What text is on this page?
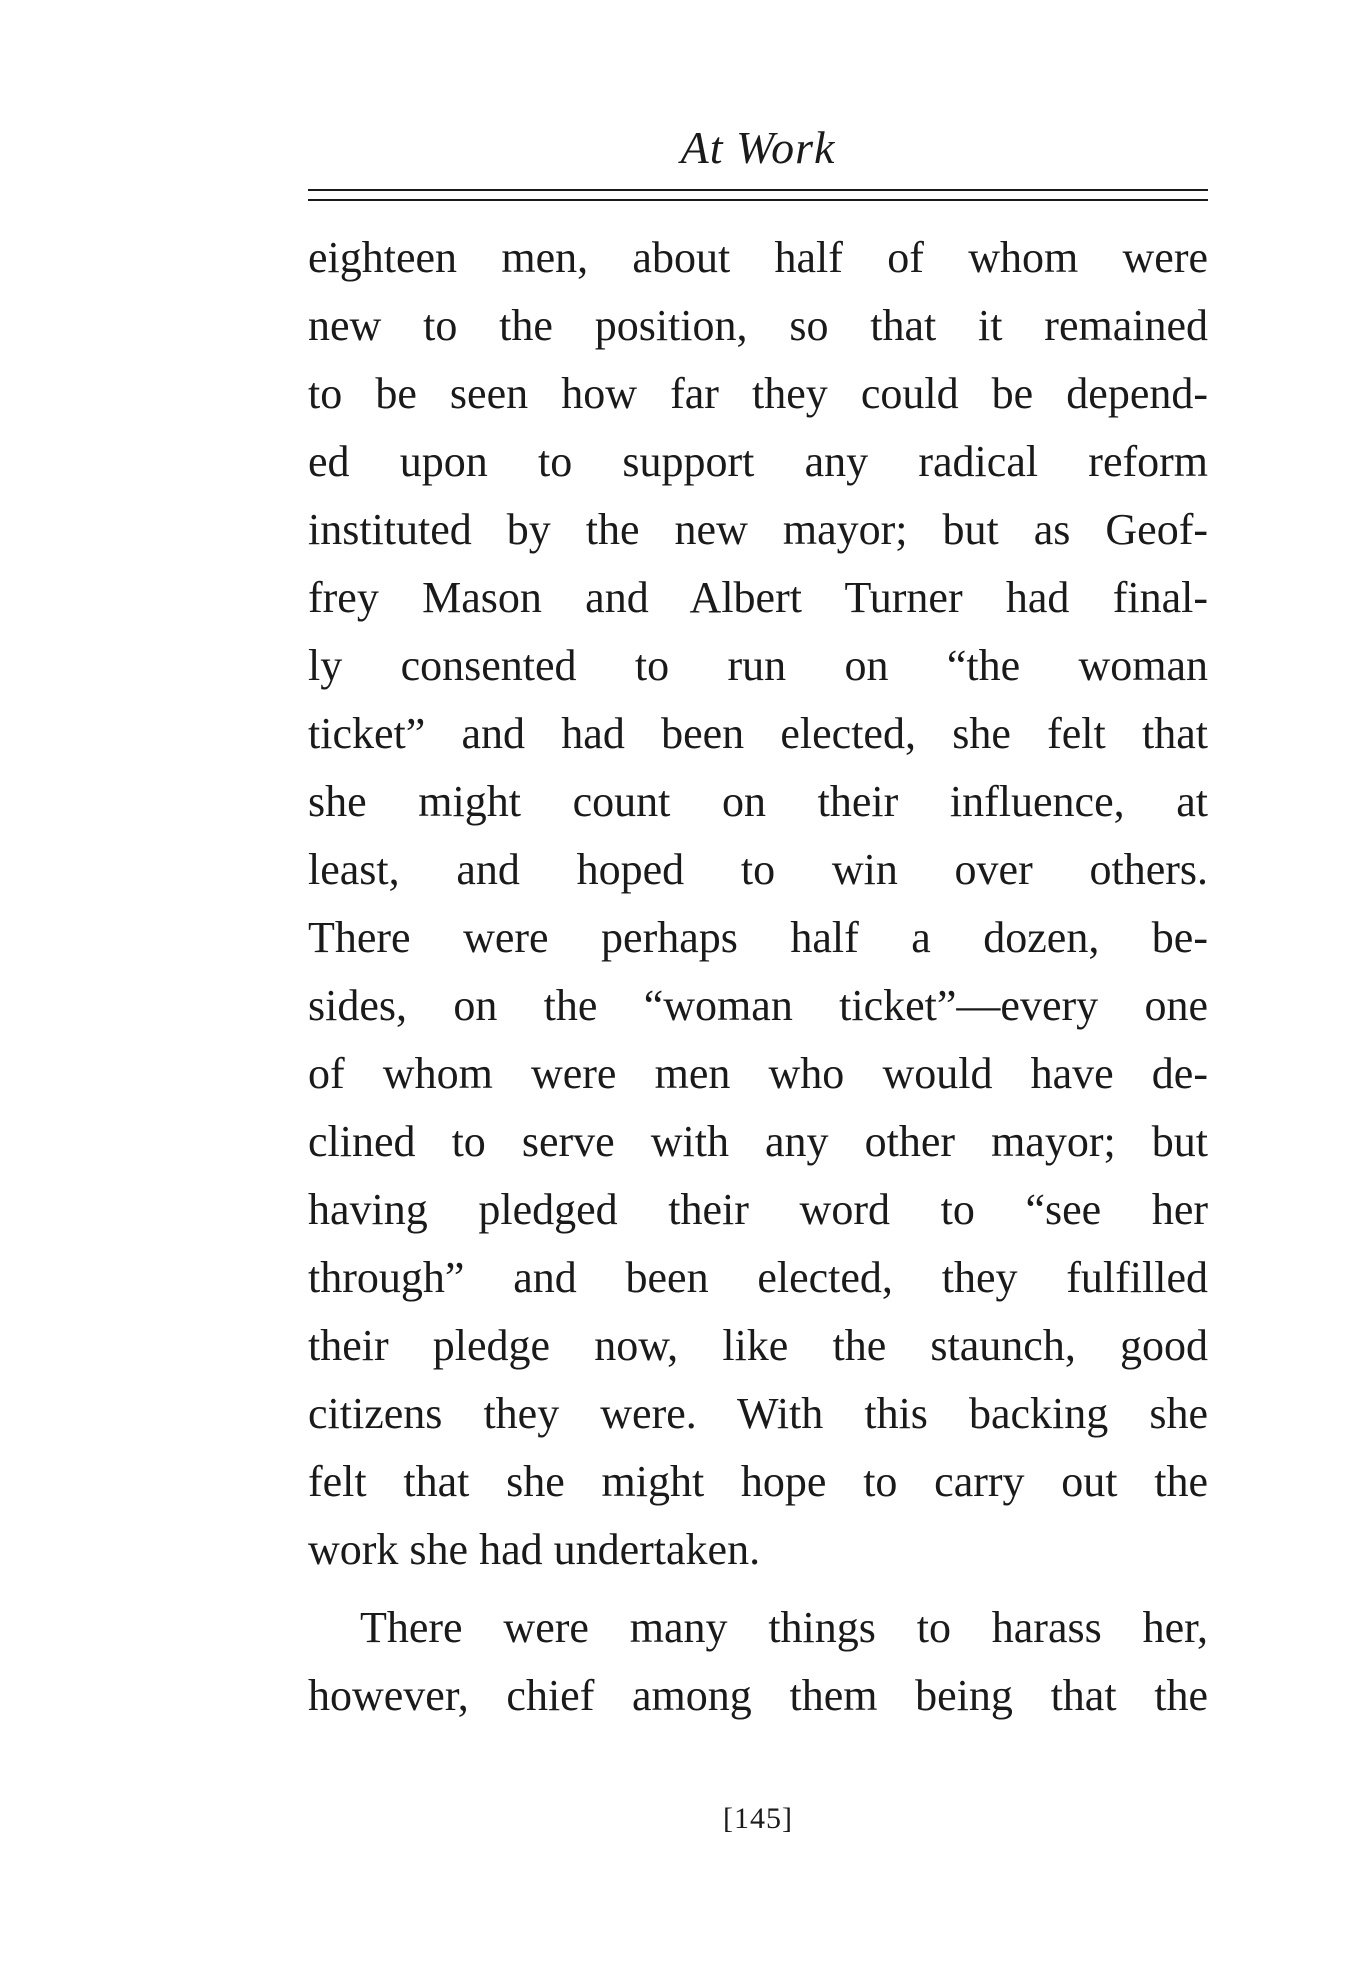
At Work
eighteen men, about half of whom were
new to the position, so that it remained
to be seen how far they could be depend-
ed upon to support any radical reform
instituted by the new mayor; but as Geof-
frey Mason and Albert Turner had final-
ly consented to run on “the woman
ticket” and had been elected, she felt that
she might count on their influence, at
least, and hoped to win over others.
There were perhaps half a dozen, be-
sides, on the “woman ticket”—every one
of whom were men who would have de-
clined to serve with any other mayor; but
having pledged their word to “see her
through” and been elected, they fulfilled
their pledge now, like the staunch, good
citizens they were. With this backing she
felt that she might hope to carry out the
work she had undertaken.
There were many things to harass her,
however, chief among them being that the
[145]
